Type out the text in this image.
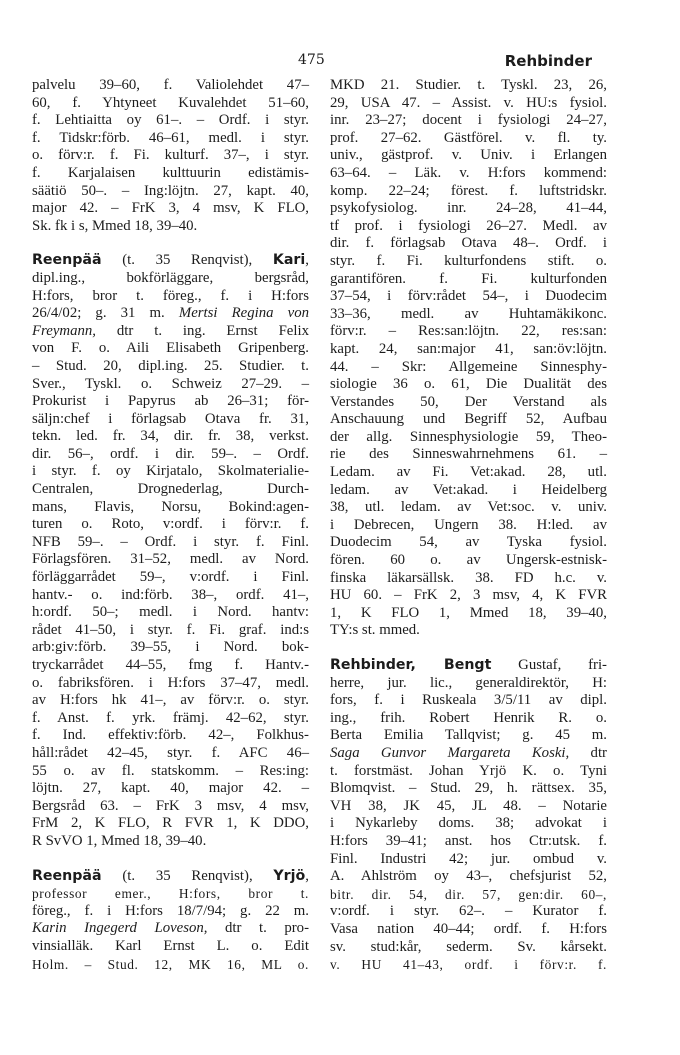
475	Rehbinder
palvelu 39–60, f. Valiolehdet 47–
60, f. Yhtyneet Kuvalehdet 51–60,
f. Lehtiaitta oy 61–. – Ordf. i styr.
f. Tidskr:förb. 46–61, medl. i styr.
o. förv:r. f. Fi. kulturf. 37–, i styr.
f. Karjalaisen kulttuurin edistämis-
säätiö 50–. – Ing:löjtn. 27, kapt. 40,
major 42. – FrK 3, 4 msv, K FLO,
Sk. fk i s, Mmed 18, 39–40.
Reenpää (t. 35 Renqvist), Kari,
dipl.ing., bokförläggare, bergsråd,
H:fors, bror t. föreg., f. i H:fors
26/4/02; g. 31 m. Mertsi Regina von
Freymann, dtr t. ing. Ernst Felix
von F. o. Aili Elisabeth Gripenberg.
– Stud. 20, dipl.ing. 25. Studier. t.
Sver., Tyskl. o. Schweiz 27–29. –
Prokurist i Papyrus ab 26–31; för-
säljn:chef i förlagsab Otava fr. 31,
tekn. led. fr. 34, dir. fr. 38, verkst.
dir. 56–, ordf. i dir. 59–. – Ordf.
i styr. f. oy Kirjatalo, Skolmaterialie-
Centralen, Drognederlag, Durch-
mans, Flavis, Norsu, Bokind:agen-
turen o. Roto, v:ordf. i förv:r. f.
NFB 59–. – Ordf. i styr. f. Finl.
Förlagsfören. 31–52, medl. av Nord.
förläggarrådet 59–, v:ordf. i Finl.
hantv.- o. ind:förb. 38–, ordf. 41–,
h:ordf. 50–; medl. i Nord. hantv:
rådet 41–50, i styr. f. Fi. graf. ind:s
arb:giv:förb. 39–55, i Nord. bok-
tryckarrådet 44–55, fmg f. Hantv.-
o. fabriksfören. i H:fors 37–47, medl.
av H:fors hk 41–, av förv:r. o. styr.
f. Anst. f. yrk. främj. 42–62, styr.
f. Ind. effektiv:förb. 42–, Folkhus-
håll:rådet 42–45, styr. f. AFC 46–
55 o. av fl. statskomm. – Res:ing:
löjtn. 27, kapt. 40, major 42. –
Bergsråd 63. – FrK 3 msv, 4 msv,
FrM 2, K FLO, R FVR 1, K DDO,
R SvVO 1, Mmed 18, 39–40.
Reenpää (t. 35 Renqvist), Yrjö,
professor emer., H:fors, bror t.
föreg., f. i H:fors 18/7/94; g. 22 m.
Karin Ingegerd Loveson, dtr t. pro-
vinsialläk. Karl Ernst L. o. Edit
Holm. – Stud. 12, MK 16, ML o.
MKD 21. Studier. t. Tyskl. 23, 26,
29, USA 47. – Assist. v. HU:s fysiol.
inr. 23–27; docent i fysiologi 24–27,
prof. 27–62. Gästförel. v. fl. ty.
univ., gästprof. v. Univ. i Erlangen
63–64. – Läk. v. H:fors kommend:
komp. 22–24; förest. f. luftstridskr.
psykofysiolog. inr. 24–28, 41–44,
tf prof. i fysiologi 26–27. Medl. av
dir. f. förlagsab Otava 48–. Ordf. i
styr. f. Fi. kulturfondens stift. o.
garantifören. f. Fi. kulturfonden
37–54, i förv:rådet 54–, i Duodecim
33–36, medl. av Huhtamäkikonc.
förv:r. – Res:san:löjtn. 22, res:san:
kapt. 24, san:major 41, san:öv:löjtn.
44. – Skr: Allgemeine Sinnesphy-
siologie 36 o. 61, Die Dualität des
Verstandes 50, Der Verstand als
Anschauung und Begriff 52, Aufbau
der allg. Sinnesphysiologie 59, Theo-
rie des Sinneswahrnehmens 61. –
Ledam. av Fi. Vet:akad. 28, utl.
ledam. av Vet:akad. i Heidelberg
38, utl. ledam. av Vet:soc. v. univ.
i Debrecen, Ungern 38. H:led. av
Duodecim 54, av Tyska fysiol.
fören. 60 o. av Ungersk-estnisk-
finska läkarsällsk. 38. FD h.c. v.
HU 60. – FrK 2, 3 msv, 4, K FVR
1, K FLO 1, Mmed 18, 39–40,
TY:s st. mmed.
Rehbinder, Bengt Gustaf, fri-
herre, jur. lic., generaldirektör, H:
fors, f. i Ruskeala 3/5/11 av dipl.
ing., frih. Robert Henrik R. o.
Berta Emilia Tallqvist; g. 45 m.
Saga Gunvor Margareta Koski, dtr
t. forstmäst. Johan Yrjö K. o. Tyni
Blomqvist. – Stud. 29, h. rättsex. 35,
VH 38, JK 45, JL 48. – Notarie
i Nykarleby doms. 38; advokat i
H:fors 39–41; anst. hos Ctr:utsk. f.
Finl. Industri 42; jur. ombud v.
A. Ahlström oy 43–, chefsjurist 52,
bitr. dir. 54, dir. 57, gen:dir. 60–,
v:ordf. i styr. 62–. – Kurator f.
Vasa nation 40–44; ordf. f. H:fors
sv. stud:kår, sederm. Sv. kårsekt.
v. HU 41–43, ordf. i förv:r. f.
